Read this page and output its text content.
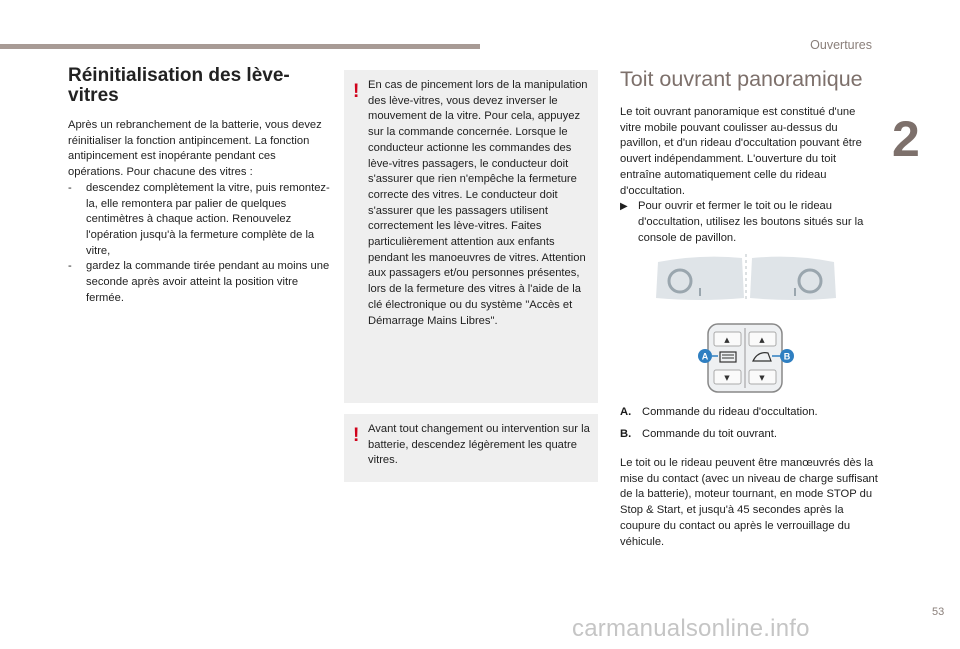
Ouvertures
2
53
carmanualsonline.info
Réinitialisation des lève-vitres

Après un rebranchement de la batterie, vous devez réinitialiser la fonction antipincement. La fonction antipincement est inopérante pendant ces opérations. Pour chacune des vitres :

-	descendez complètement la vitre, puis remontez-la, elle remontera par palier de quelques centimètres à chaque action. Renouvelez l'opération jusqu'à la fermeture complète de la vitre,
-	gardez la commande tirée pendant au moins une seconde après avoir atteint la position vitre fermée.
! En cas de pincement lors de la manipulation des lève-vitres, vous devez inverser le mouvement de la vitre. Pour cela, appuyez sur la commande concernée. Lorsque le conducteur actionne les commandes des lève-vitres passagers, le conducteur doit s'assurer que rien n'empêche la fermeture correcte des vitres. Le conducteur doit s'assurer que les passagers utilisent correctement les lève-vitres. Faites particulièrement attention aux enfants pendant les manoeuvres de vitres. Attention aux passagers et/ou personnes présentes, lors de la fermeture des vitres à l'aide de la clé électronique ou du système "Accès et Démarrage Mains Libres".

! Avant tout changement ou intervention sur la batterie, descendez légèrement les quatre vitres.

Toit ouvrant panoramique

Le toit ouvrant panoramique est constitué d'une vitre mobile pouvant coulisser au-dessus du pavillon, et d'un rideau d'occultation pouvant être ouvert indépendamment. L'ouverture du toit entraîne automatiquement celle du rideau d'occultation.

▶ Pour ouvrir et fermer le toit ou le rideau d'occultation, utilisez les boutons situés sur la console de pavillon.
▲	▲
▼	▼
A	B
A. Commande du rideau d'occultation.
B. Commande du toit ouvrant.
Le toit ou le rideau peuvent être manœuvrés dès la mise du contact (avec un niveau de charge suffisant de la batterie), moteur tournant, en mode STOP du Stop & Start, et jusqu'à 45 secondes après la coupure du contact ou après le verrouillage du véhicule.
